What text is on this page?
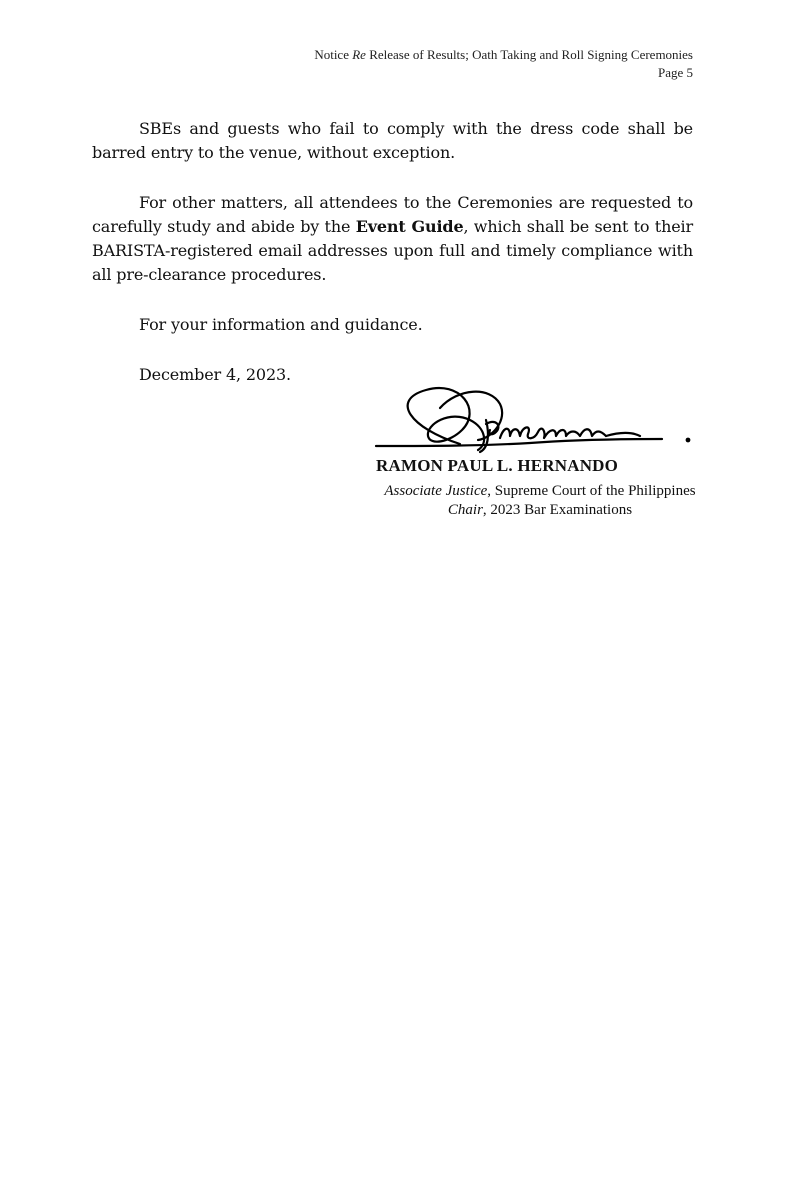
Notice Re Release of Results; Oath Taking and Roll Signing Ceremonies
Page 5

SBEs and guests who fail to comply with the dress code shall be barred entry to the venue, without exception.

For other matters, all attendees to the Ceremonies are requested to carefully study and abide by the Event Guide, which shall be sent to their BARISTA-registered email addresses upon full and timely compliance with all pre-clearance procedures.

For your information and guidance.

December 4, 2023.

RAMON PAUL L. HERNANDO
Associate Justice, Supreme Court of the Philippines
Chair, 2023 Bar Examinations
